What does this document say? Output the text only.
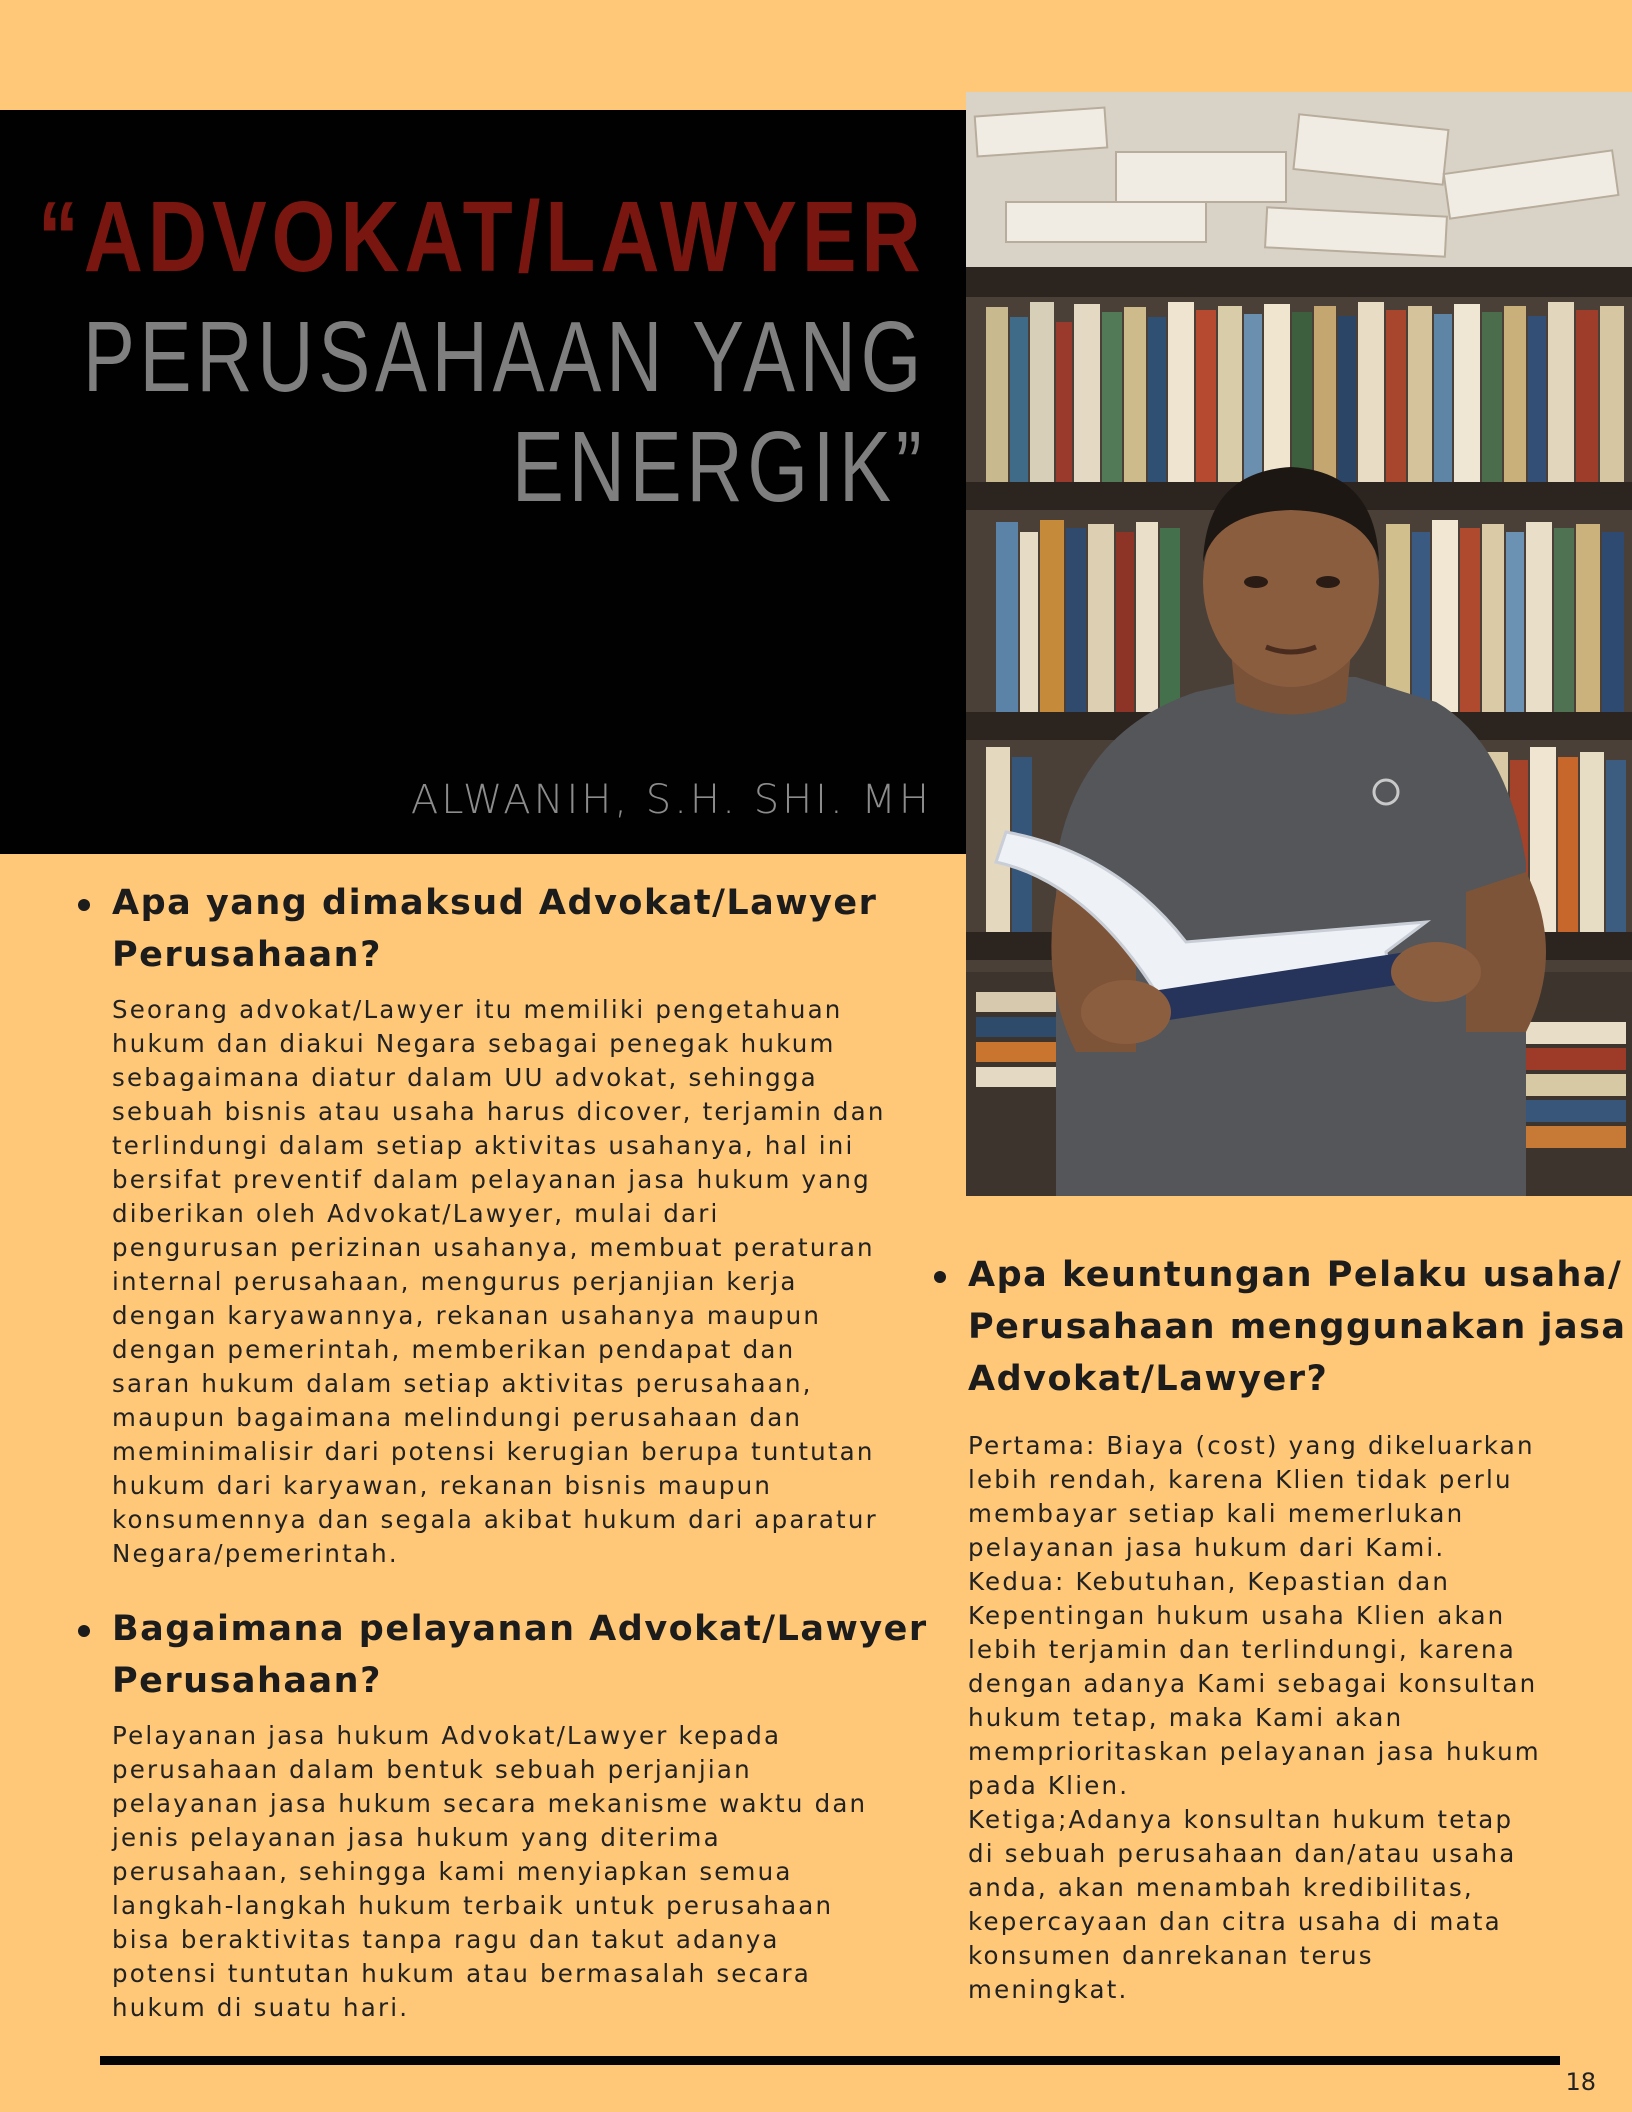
“ADVOKAT/LAWYER
PERUSAHAAN YANG
ENERGIK”
ALWANIH, S.H. SHI. MH
Apa yang dimaksud Advokat/Lawyer Perusahaan?
Seorang advokat/Lawyer itu memiliki pengetahuan
hukum dan diakui Negara sebagai penegak hukum
sebagaimana diatur dalam UU advokat, sehingga
sebuah bisnis atau usaha harus dicover, terjamin dan
terlindungi dalam setiap aktivitas usahanya, hal ini
bersifat preventif dalam pelayanan jasa hukum yang
diberikan oleh Advokat/Lawyer, mulai dari
pengurusan perizinan usahanya, membuat peraturan
internal perusahaan, mengurus perjanjian kerja
dengan karyawannya, rekanan usahanya maupun
dengan pemerintah, memberikan pendapat dan
saran hukum dalam setiap aktivitas perusahaan,
maupun bagaimana melindungi perusahaan dan
meminimalisir dari potensi kerugian berupa tuntutan
hukum dari karyawan, rekanan bisnis maupun
konsumennya dan segala akibat hukum dari aparatur
Negara/pemerintah.
Bagaimana pelayanan Advokat/Lawyer Perusahaan?
Pelayanan jasa hukum Advokat/Lawyer kepada
perusahaan dalam bentuk sebuah perjanjian
pelayanan jasa hukum secara mekanisme waktu dan
jenis pelayanan jasa hukum yang diterima
perusahaan, sehingga kami menyiapkan semua
langkah-langkah hukum terbaik untuk perusahaan
bisa beraktivitas tanpa ragu dan takut adanya
potensi tuntutan hukum atau bermasalah secara
hukum di suatu hari.
Apa keuntungan Pelaku usaha/ Perusahaan menggunakan jasa Advokat/Lawyer?
Pertama: Biaya (cost) yang dikeluarkan
lebih rendah, karena Klien tidak perlu
membayar setiap kali memerlukan
pelayanan jasa hukum dari Kami.
Kedua: Kebutuhan, Kepastian dan
Kepentingan hukum usaha Klien akan
lebih terjamin dan terlindungi, karena
dengan adanya Kami sebagai konsultan
hukum tetap, maka Kami akan
memprioritaskan pelayanan jasa hukum
pada Klien.
Ketiga;Adanya konsultan hukum tetap
di sebuah perusahaan dan/atau usaha
anda, akan menambah kredibilitas,
kepercayaan dan citra usaha di mata
konsumen danrekanan terus
meningkat.
18
